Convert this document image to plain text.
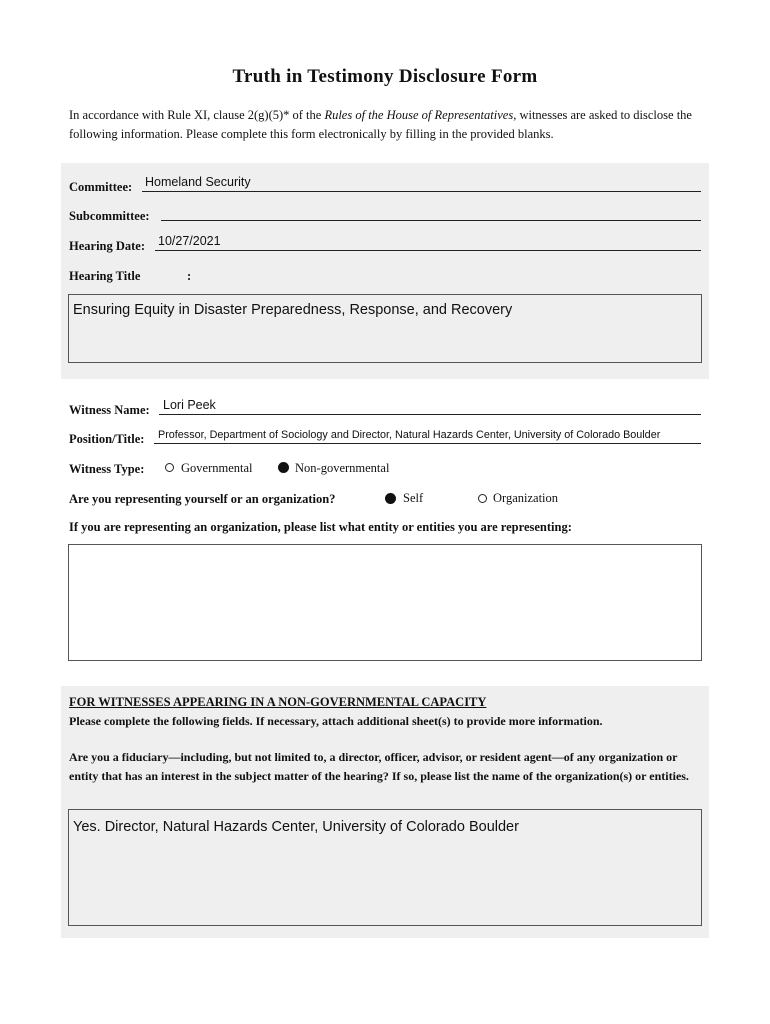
Truth in Testimony Disclosure Form
In accordance with Rule XI, clause 2(g)(5)* of the Rules of the House of Representatives, witnesses are asked to disclose the following information. Please complete this form electronically by filling in the provided blanks.
Committee: Homeland Security
Subcommittee:
Hearing Date: 10/27/2021
Hearing Title	:
Ensuring Equity in Disaster Preparedness, Response, and Recovery
Witness Name: Lori Peek
Position/Title: Professor, Department of Sociology and Director, Natural Hazards Center, University of Colorado Boulder
Witness Type:	Governmental	Non-governmental
Are you representing yourself or an organization?	Self	Organization
If you are representing an organization, please list what entity or entities you are representing:
FOR WITNESSES APPEARING IN A NON-GOVERNMENTAL CAPACITY
Please complete the following fields. If necessary, attach additional sheet(s) to provide more information.
Are you a fiduciary—including, but not limited to, a director, officer, advisor, or resident agent—of any organization or entity that has an interest in the subject matter of the hearing? If so, please list the name of the organization(s) or entities.
Yes. Director, Natural Hazards Center, University of Colorado Boulder
